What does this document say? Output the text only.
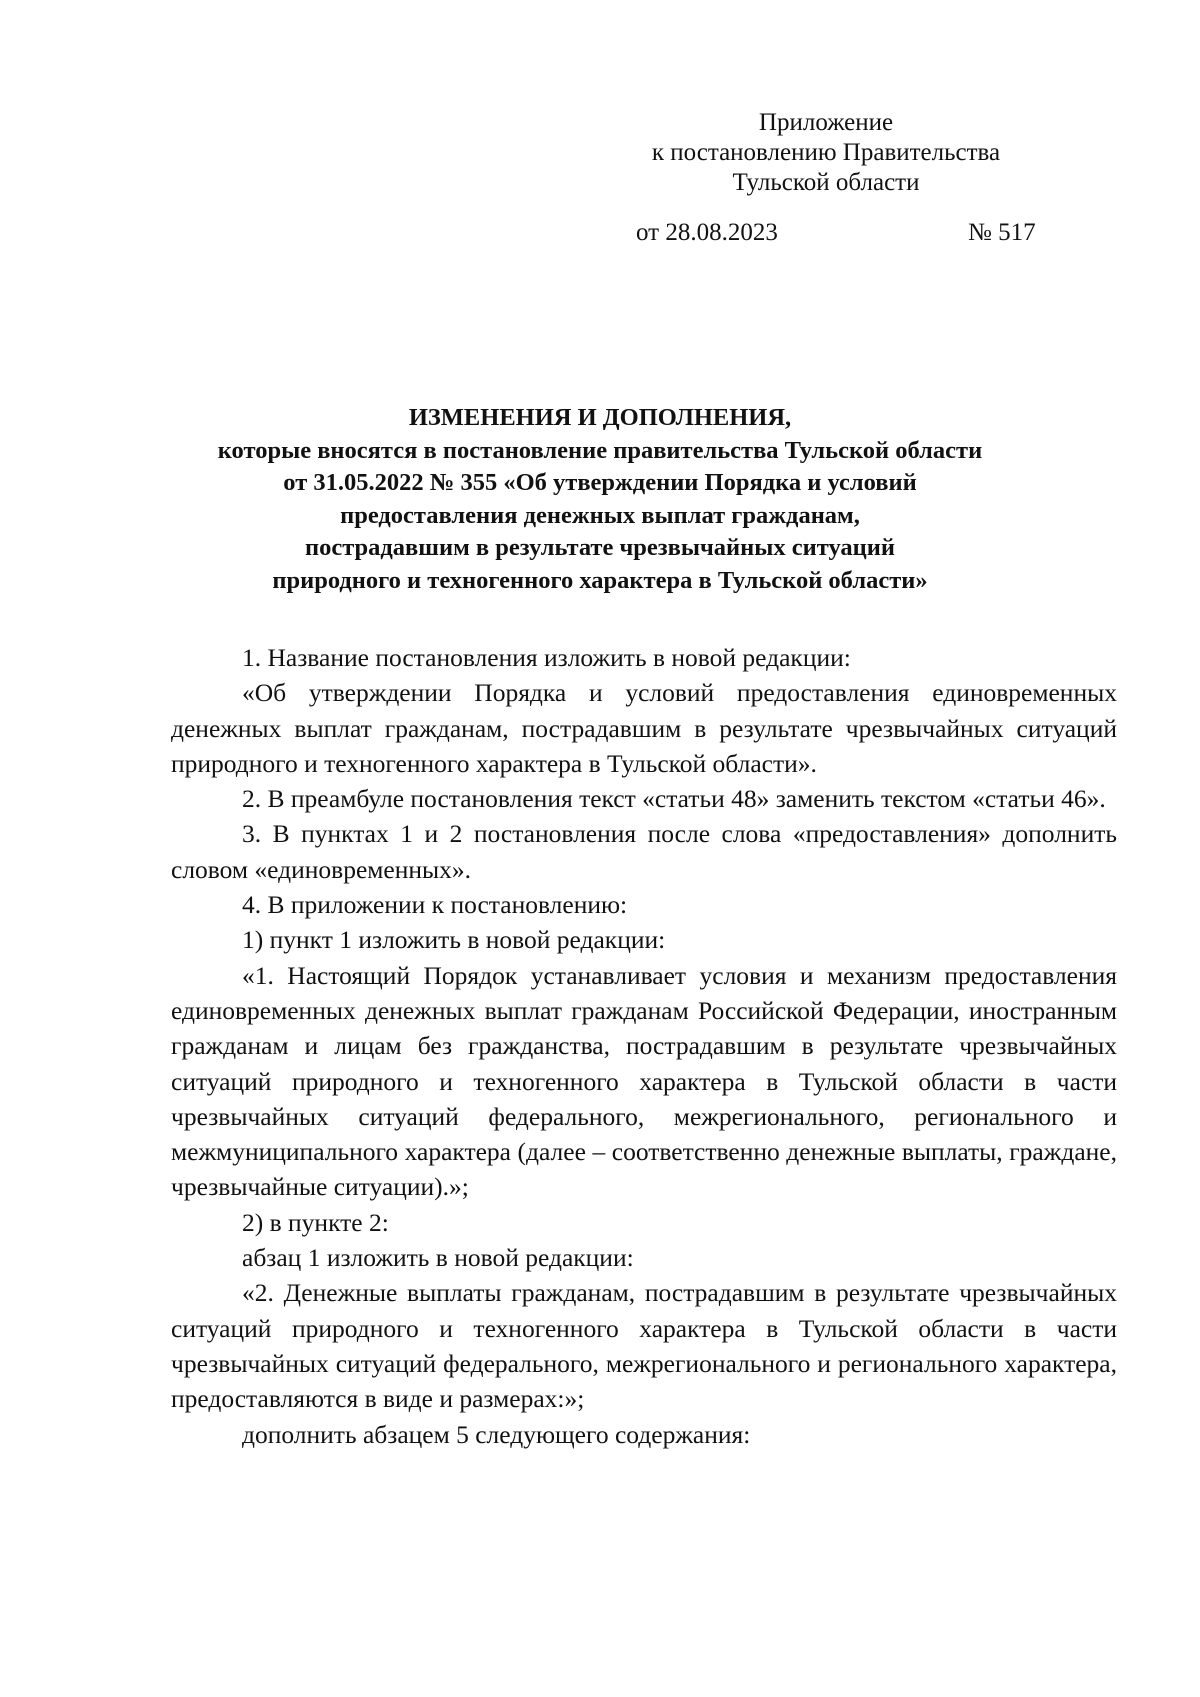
Приложение
к постановлению Правительства
Тульской области
от 28.08.2023	№ 517
ИЗМЕНЕНИЯ И ДОПОЛНЕНИЯ,
которые вносятся в постановление правительства Тульской области
от 31.05.2022 № 355 «Об утверждении Порядка и условий
предоставления денежных выплат гражданам,
пострадавшим в результате чрезвычайных ситуаций
природного и техногенного характера в Тульской области»

1. Название постановления изложить в новой редакции:

«Об утверждении Порядка и условий предоставления единовременных денежных выплат гражданам, пострадавшим в результате чрезвычайных ситуаций природного и техногенного характера в Тульской области».

2. В преамбуле постановления текст «статьи 48» заменить текстом «статьи 46».

3. В пунктах 1 и 2 постановления после слова «предоставления» дополнить словом «единовременных».

4. В приложении к постановлению:

1) пункт 1 изложить в новой редакции:

«1. Настоящий Порядок устанавливает условия и механизм предоставления единовременных денежных выплат гражданам Российской Федерации, иностранным гражданам и лицам без гражданства, пострадавшим в результате чрезвычайных ситуаций природного и техногенного характера в Тульской области в части чрезвычайных ситуаций федерального, межрегионального, регионального и межмуниципального характера (далее – соответственно денежные выплаты, граждане, чрезвычайные ситуации).»;

2) в пункте 2:

абзац 1 изложить в новой редакции:

«2. Денежные выплаты гражданам, пострадавшим в результате чрезвычайных ситуаций природного и техногенного характера в Тульской области в части чрезвычайных ситуаций федерального, межрегионального и регионального характера, предоставляются в виде и размерах:»;

дополнить абзацем 5 следующего содержания:
